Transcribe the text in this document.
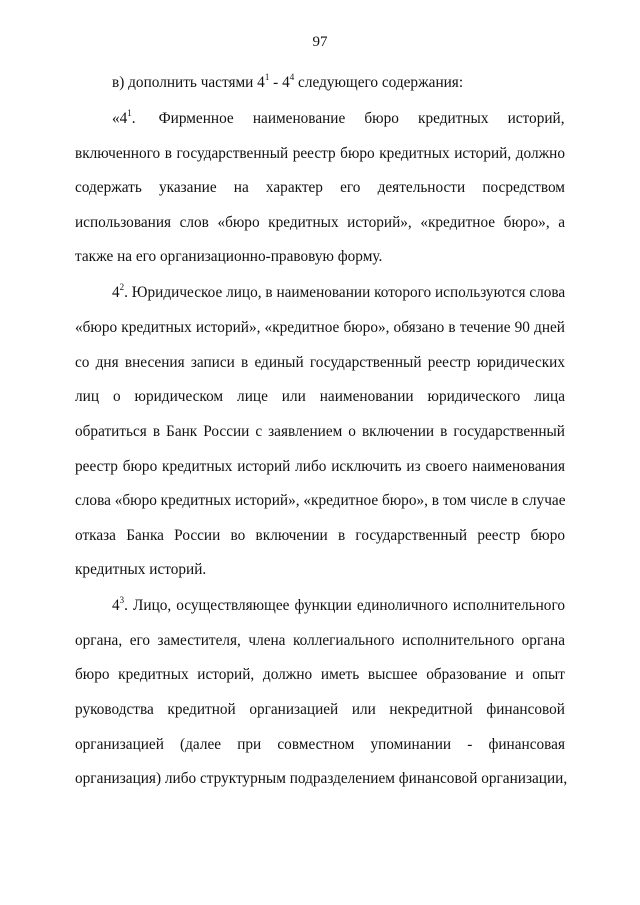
97
в) дополнить частями $4^1 - 4^4$ следующего содержания:
«$4^1$.      Фирменное     наименование     бюро     кредитных     историй,
включенного в государственный реестр бюро кредитных историй, должно
содержать указание на характер его деятельности посредством
использования слов «бюро кредитных историй», «кредитное бюро», а
также на его организационно-правовую форму.
$4^2$. Юридическое лицо, в наименовании которого используются слова
«бюро кредитных историй», «кредитное бюро», обязано в течение 90 дней
со дня внесения записи в единый государственный реестр юридических
лиц о юридическом лице или наименовании юридического лица
обратиться в Банк России с заявлением о включении в государственный
реестр бюро кредитных историй либо исключить из своего наименования
слова «бюро кредитных историй», «кредитное бюро», в том числе в случае
отказа Банка России во включении в государственный реестр бюро
кредитных историй.
$4^3$. Лицо, осуществляющее функции единоличного исполнительного
органа, его заместителя, члена коллегиального исполнительного органа
бюро кредитных историй, должно иметь высшее образование и опыт
руководства кредитной организацией или некредитной финансовой
организацией (далее при совместном упоминании - финансовая
организация) либо структурным подразделением финансовой организации,
